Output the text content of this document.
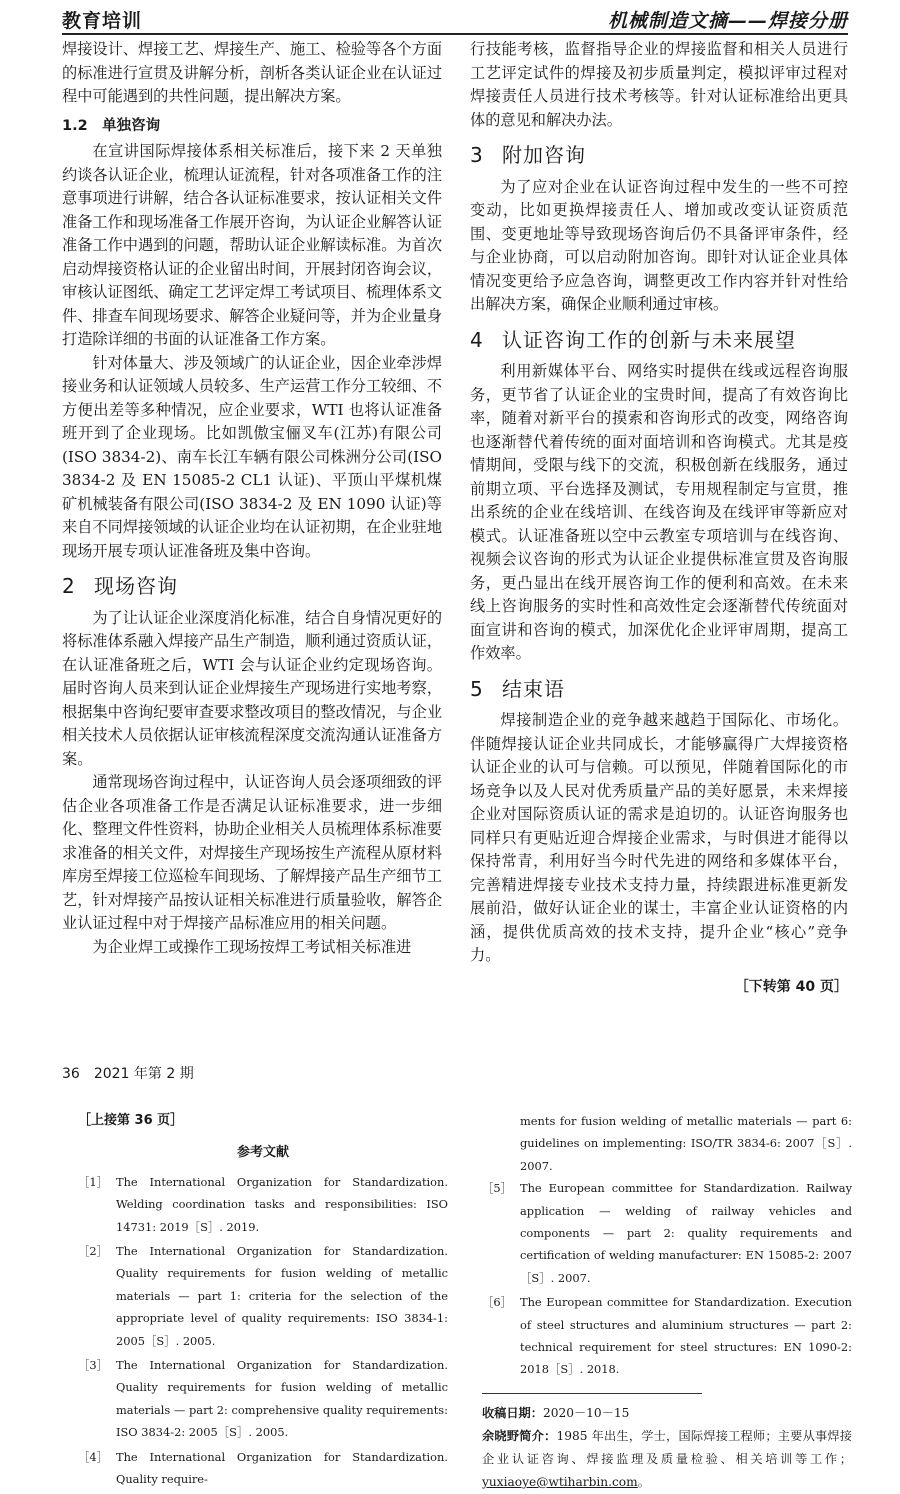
教育培训	机械制造文摘——焊接分册

焊接设计、焊接工艺、焊接生产、施工、检验等各个方面的标准进行宣贯及讲解分析，剖析各类认证企业在认证过程中可能遇到的共性问题，提出解决方案。

1.2　单独咨询

在宣讲国际焊接体系相关标准后，接下来 2 天单独约谈各认证企业，梳理认证流程，针对各项准备工作的注意事项进行讲解，结合各认证标准要求，按认证相关文件准备工作和现场准备工作展开咨询，为认证企业解答认证准备工作中遇到的问题，帮助认证企业解读标准。为首次启动焊接资格认证的企业留出时间，开展封闭咨询会议，审核认证图纸、确定工艺评定焊工考试项目、梳理体系文件、排查车间现场要求、解答企业疑问等，并为企业量身打造除详细的书面的认证准备工作方案。

针对体量大、涉及领域广的认证企业，因企业牵涉焊接业务和认证领域人员较多、生产运营工作分工较细、不方便出差等多种情况，应企业要求，WTI 也将认证准备班开到了企业现场。比如凯傲宝俪叉车(江苏)有限公司(ISO 3834-2)、南车长江车辆有限公司株洲分公司(ISO 3834-2 及 EN 15085-2 CL1 认证)、平顶山平煤机煤矿机械装备有限公司(ISO 3834-2 及 EN 1090 认证)等来自不同焊接领域的认证企业均在认证初期，在企业驻地现场开展专项认证准备班及集中咨询。

2 现场咨询

为了让认证企业深度消化标准，结合自身情况更好的将标准体系融入焊接产品生产制造，顺利通过资质认证，在认证准备班之后，WTI 会与认证企业约定现场咨询。届时咨询人员来到认证企业焊接生产现场进行实地考察，根据集中咨询纪要审查要求整改项目的整改情况，与企业相关技术人员依据认证审核流程深度交流沟通认证准备方案。

通常现场咨询过程中，认证咨询人员会逐项细致的评估企业各项准备工作是否满足认证标准要求，进一步细化、整理文件性资料，协助企业相关人员梳理体系标准要求准备的相关文件，对焊接生产现场按生产流程从原材料库房至焊接工位巡检车间现场、了解焊接产品生产细节工艺，针对焊接产品按认证相关标准进行质量验收，解答企业认证过程中对于焊接产品标准应用的相关问题。

为企业焊工或操作工现场按焊工考试相关标准进

行技能考核，监督指导企业的焊接监督和相关人员进行工艺评定试件的焊接及初步质量判定，模拟评审过程对焊接责任人员进行技术考核等。针对认证标准给出更具体的意见和解决办法。

3 附加咨询

为了应对企业在认证咨询过程中发生的一些不可控变动，比如更换焊接责任人、增加或改变认证资质范围、变更地址等导致现场咨询后仍不具备评审条件，经与企业协商，可以启动附加咨询。即针对认证企业具体情况变更给予应急咨询，调整更改工作内容并针对性给出解决方案，确保企业顺利通过审核。

4 认证咨询工作的创新与未来展望

利用新媒体平台、网络实时提供在线或远程咨询服务，更节省了认证企业的宝贵时间，提高了有效咨询比率，随着对新平台的摸索和咨询形式的改变，网络咨询也逐渐替代着传统的面对面培训和咨询模式。尤其是疫情期间，受限与线下的交流，积极创新在线服务，通过前期立项、平台选择及测试，专用规程制定与宣贯，推出系统的企业在线培训、在线咨询及在线评审等新应对模式。认证准备班以空中云教室专项培训与在线咨询、视频会议咨询的形式为认证企业提供标准宣贯及咨询服务，更凸显出在线开展咨询工作的便利和高效。在未来线上咨询服务的实时性和高效性定会逐渐替代传统面对面宣讲和咨询的模式，加深优化企业评审周期，提高工作效率。

5 结束语

焊接制造企业的竞争越来越趋于国际化、市场化。伴随焊接认证企业共同成长，才能够赢得广大焊接资格认证企业的认可与信赖。可以预见，伴随着国际化的市场竞争以及人民对优秀质量产品的美好愿景，未来焊接企业对国际资质认证的需求是迫切的。认证咨询服务也同样只有更贴近迎合焊接企业需求，与时俱进才能得以保持常青，利用好当今时代先进的网络和多媒体平台，完善精进焊接专业技术支持力量，持续跟进标准更新发展前沿，做好认证企业的谋士，丰富企业认证资格的内涵，提供优质高效的技术支持，提升企业“核心”竞争力。

［下转第 40 页］
36　2021 年第 2 期
［上接第 36 页］
参考文献
［1］ The International Organization for Standardization. Welding coordination tasks and responsibilities: ISO 14731: 2019［S］. 2019.
［2］ The International Organization for Standardization. Quality requirements for fusion welding of metallic materials — part 1: criteria for the selection of the appropriate level of quality requirements: ISO 3834-1: 2005［S］. 2005.
［3］ The International Organization for Standardization. Quality requirements for fusion welding of metallic materials — part 2: comprehensive quality requirements: ISO 3834-2: 2005［S］. 2005.
［4］ The International Organization for Standardization. Quality require-
ments for fusion welding of metallic materials — part 6: guidelines on implementing: ISO/TR 3834-6: 2007［S］. 2007.
［5］ The European committee for Standardization. Railway application — welding of railway vehicles and components — part 2: quality requirements and certification of welding manufacturer: EN 15085-2: 2007［S］. 2007.
［6］ The European committee for Standardization. Execution of steel structures and aluminium structures — part 2: technical requirement for steel structures: EN 1090-2: 2018［S］. 2018.
收稿日期：2020－10－15
余晓野简介：1985 年出生，学士，国际焊接工程师；主要从事焊接企业认证咨询、焊接监理及质量检验、相关培训等工作；yuxiaoye@wtiharbin.com。
